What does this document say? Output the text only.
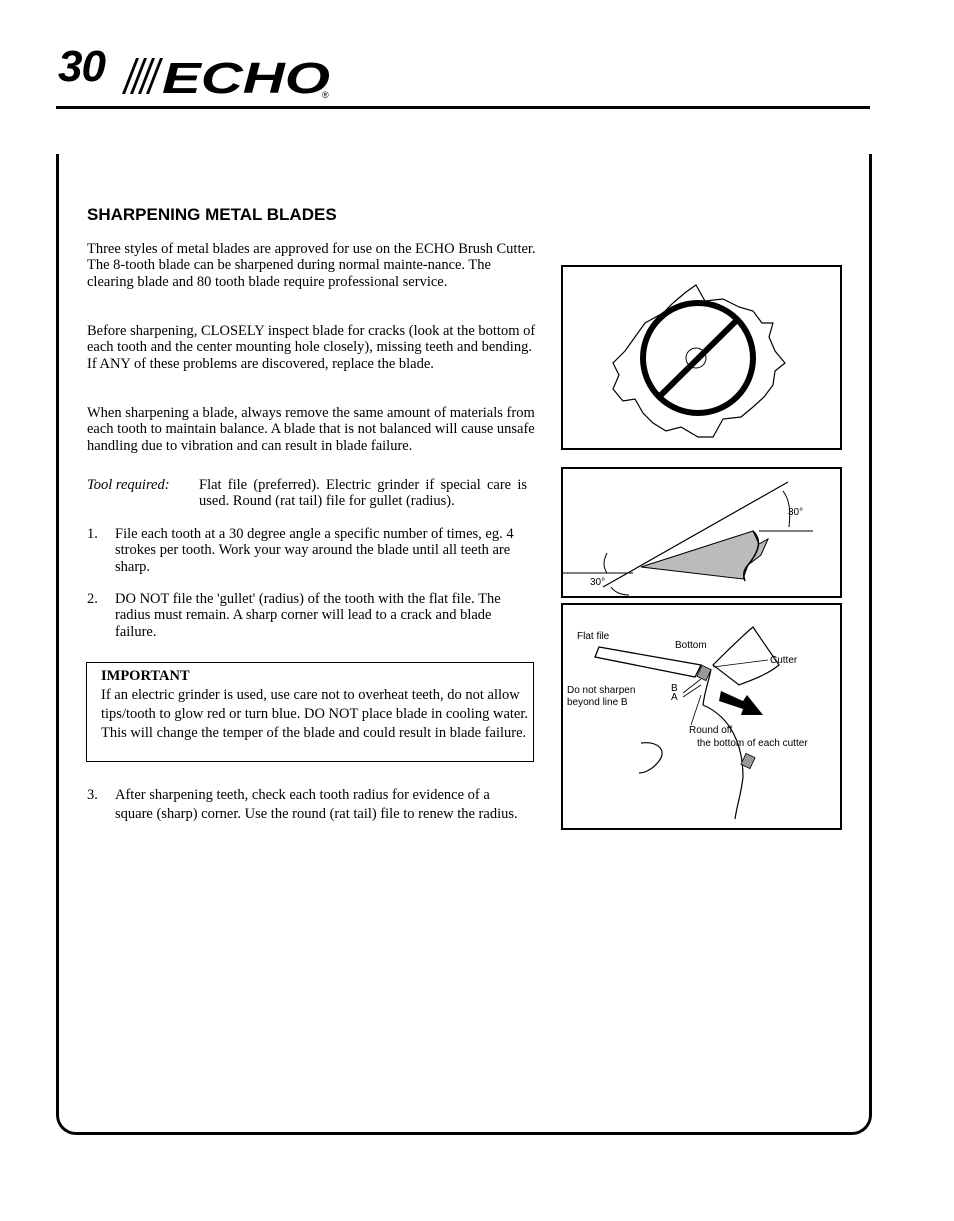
30 ECHO
®
SHARPENING METAL BLADES
Three styles of metal blades are approved for use on the ECHO Brush Cutter. The 8-tooth blade can be sharpened during normal mainte-nance. The clearing blade and 80 tooth blade require professional service.
Before sharpening, CLOSELY inspect blade for cracks (look at the bottom of each tooth and the center mounting hole closely), missing teeth and bending. If ANY of these problems are discovered, replace the blade.
When sharpening a blade, always remove the same amount of materials from each tooth to maintain balance. A blade that is not balanced will cause unsafe handling due to vibration and can result in blade failure.
Tool required: Flat file (preferred). Electric grinder if special care is used. Round (rat tail) file for gullet (radius).
1. File each tooth at a 30 degree angle a specific number of times, eg. 4 strokes per tooth. Work your way around the blade until all teeth are sharp.
2. DO NOT file the 'gullet' (radius) of the tooth with the flat file. The radius must remain. A sharp corner will lead to a crack and blade failure.
IMPORTANT
If an electric grinder is used, use care not to overheat teeth, do not allow tips/tooth to glow red or turn blue. DO NOT place blade in cooling water. This will change the temper of the blade and could result in blade failure.
3. After sharpening teeth, check each tooth radius for evidence of a square (sharp) corner. Use the round (rat tail) file to renew the radius.
30°
30°
Flat file
Bottom
Cutter
Do not sharpen
beyond line B
B
A
Round off
the bottom of each cutter
